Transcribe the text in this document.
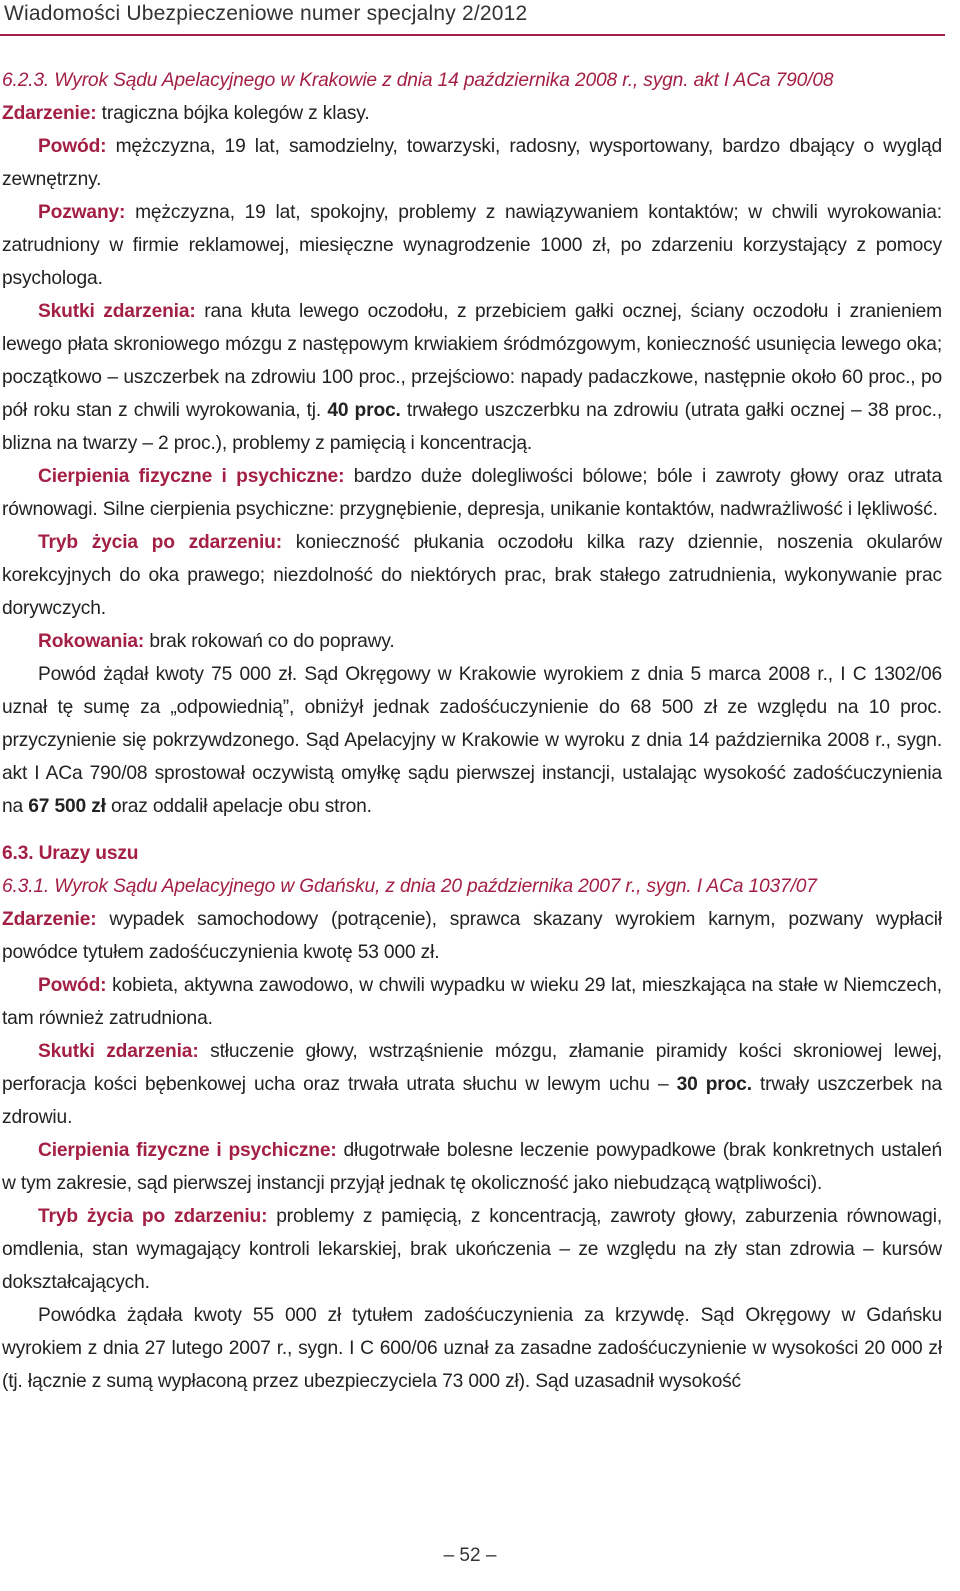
Wiadomości Ubezpieczeniowe numer specjalny 2/2012

6.2.3. Wyrok Sądu Apelacyjnego w Krakowie z dnia 14 października 2008 r., sygn. akt I ACa 790/08

Zdarzenie: tragiczna bójka kolegów z klasy.

Powód: mężczyzna, 19 lat, samodzielny, towarzyski, radosny, wysportowany, bardzo dbający o wygląd zewnętrzny.

Pozwany: mężczyzna, 19 lat, spokojny, problemy z nawiązywaniem kontaktów; w chwili wyrokowania: zatrudniony w firmie reklamowej, miesięczne wynagrodzenie 1000 zł, po zdarzeniu korzystający z pomocy psychologa.

Skutki zdarzenia: rana kłuta lewego oczodołu, z przebiciem gałki ocznej, ściany oczodołu i zranieniem lewego płata skroniowego mózgu z następowym krwiakiem śródmózgowym, konieczność usunięcia lewego oka; początkowo – uszczerbek na zdrowiu 100 proc., przejściowo: napady padaczkowe, następnie około 60 proc., po pół roku stan z chwili wyrokowania, tj. 40 proc. trwałego uszczerbku na zdrowiu (utrata gałki ocznej – 38 proc., blizna na twarzy – 2 proc.), problemy z pamięcią i koncentracją.

Cierpienia fizyczne i psychiczne: bardzo duże dolegliwości bólowe; bóle i zawroty głowy oraz utrata równowagi. Silne cierpienia psychiczne: przygnębienie, depresja, unikanie kontaktów, nadwrażliwość i lękliwość.

Tryb życia po zdarzeniu: konieczność płukania oczodołu kilka razy dziennie, noszenia okularów korekcyjnych do oka prawego; niezdolność do niektórych prac, brak stałego zatrudnienia, wykonywanie prac dorywczych.

Rokowania: brak rokowań co do poprawy.

Powód żądał kwoty 75 000 zł. Sąd Okręgowy w Krakowie wyrokiem z dnia 5 marca 2008 r., I C 1302/06 uznał tę sumę za „odpowiednią”, obniżył jednak zadośćuczynienie do 68 500 zł ze względu na 10 proc. przyczynienie się pokrzywdzonego. Sąd Apelacyjny w Krakowie w wyroku z dnia 14 października 2008 r., sygn. akt I ACa 790/08 sprostował oczywistą omyłkę sądu pierwszej instancji, ustalając wysokość zadośćuczynienia na 67 500 zł oraz oddalił apelacje obu stron.

6.3. Urazy uszu

6.3.1. Wyrok Sądu Apelacyjnego w Gdańsku, z dnia 20 października 2007 r., sygn. I ACa 1037/07

Zdarzenie: wypadek samochodowy (potrącenie), sprawca skazany wyrokiem karnym, pozwany wypłacił powódce tytułem zadośćuczynienia kwotę 53 000 zł.

Powód: kobieta, aktywna zawodowo, w chwili wypadku w wieku 29 lat, mieszkająca na stałe w Niemczech, tam również zatrudniona.

Skutki zdarzenia: stłuczenie głowy, wstrząśnienie mózgu, złamanie piramidy kości skroniowej lewej, perforacja kości bębenkowej ucha oraz trwała utrata słuchu w lewym uchu – 30 proc. trwały uszczerbek na zdrowiu.

Cierpienia fizyczne i psychiczne: długotrwałe bolesne leczenie powypadkowe (brak konkretnych ustaleń w tym zakresie, sąd pierwszej instancji przyjął jednak tę okoliczność jako niebudzącą wątpliwości).

Tryb życia po zdarzeniu: problemy z pamięcią, z koncentracją, zawroty głowy, zaburzenia równowagi, omdlenia, stan wymagający kontroli lekarskiej, brak ukończenia – ze względu na zły stan zdrowia – kursów dokształcających.

Powódka żądała kwoty 55 000 zł tytułem zadośćuczynienia za krzywdę. Sąd Okręgowy w Gdańsku wyrokiem z dnia 27 lutego 2007 r., sygn. I C 600/06 uznał za zasadne zadośćuczynienie w wysokości 20 000 zł (tj. łącznie z sumą wypłaconą przez ubezpieczyciela 73 000 zł). Sąd uzasadnił wysokość

– 52 –
